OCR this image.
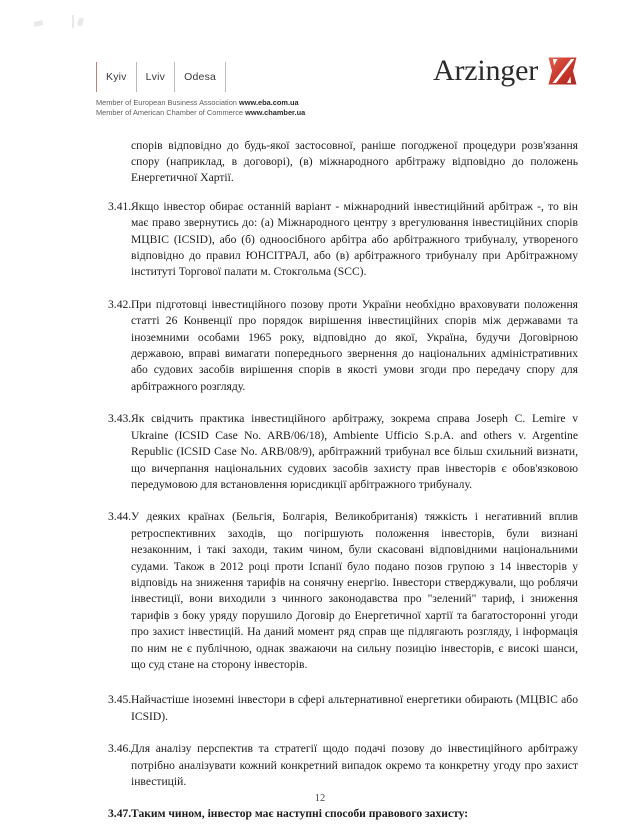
Kyiv	Lviv	Odesa
Member of European Business Association www.eba.com.ua
Member of American Chamber of Commerce www.chamber.ua
Arzinger

спорів відповідно до будь-якої застосовної, раніше погодженої процедури розв'язання спору (наприклад, в договорі), (в) міжнародного арбітражу відповідно до положень Енергетичної Хартії.

3.41. Якщо інвестор обирає останній варіант - міжнародний інвестиційний арбітраж -, то він має право звернутись до: (а) Міжнародного центру з врегулювання інвестиційних спорів МЦВІС (ICSID), або (б) одноосібного арбітра або арбітражного трибуналу, утвореного відповідно до правил ЮНСІТРАЛ, або (в) арбітражного трибуналу при Арбітражному інституті Торгової палати м. Стокгольма (SCC).

3.42. При підготовці інвестиційного позову проти України необхідно враховувати положення статті 26 Конвенції про порядок вирішення інвестиційних спорів між державами та іноземними особами 1965 року, відповідно до якої, Україна, будучи Договірною державою, вправі вимагати попереднього звернення до національних адміністративних або судових засобів вирішення спорів в якості умови згоди про передачу спору для арбітражного розгляду.

3.43. Як свідчить практика інвестиційного арбітражу, зокрема справа Joseph C. Lemire v Ukraine (ICSID Case No. ARB/06/18), Ambiente Ufficio S.p.A. and others v. Argentine Republic (ICSID Case No. ARB/08/9), арбітражний трибунал все більш схильний визнати, що вичерпання національних судових засобів захисту прав інвесторів є обов'язковою передумовою для встановлення юрисдикції арбітражного трибуналу.

3.44. У деяких країнах (Бельгія, Болгарія, Великобританія) тяжкість і негативний вплив ретроспективних заходів, що погіршують положення інвесторів, були визнані незаконним, і такі заходи, таким чином, були скасовані відповідними національними судами. Також в 2012 році проти Іспанії було подано позов групою з 14 інвесторів у відповідь на зниження тарифів на сонячну енергію. Інвестори стверджували, що роблячи інвестиції, вони виходили з чинного законодавства про "зелений" тариф, і зниження тарифів з боку уряду порушило Договір до Енергетичної хартії та багатосторонні угоди про захист інвестицій. На даний момент ряд справ ще підлягають розгляду, і інформація по ним не є публічною, однак зважаючи на сильну позицію інвесторів, є високі шанси, що суд стане на сторону інвесторів.

3.45. Найчастіше іноземні інвестори в сфері альтернативної енергетики обирають (МЦВІС або ICSID).

3.46. Для аналізу перспектив та стратегії щодо подачі позову до інвестиційного арбітражу потрібно аналізувати кожний конкретний випадок окремо та конкретну угоду про захист інвестицій.

3.47. Таким чином, інвестор має наступні способи правового захисту:

12
